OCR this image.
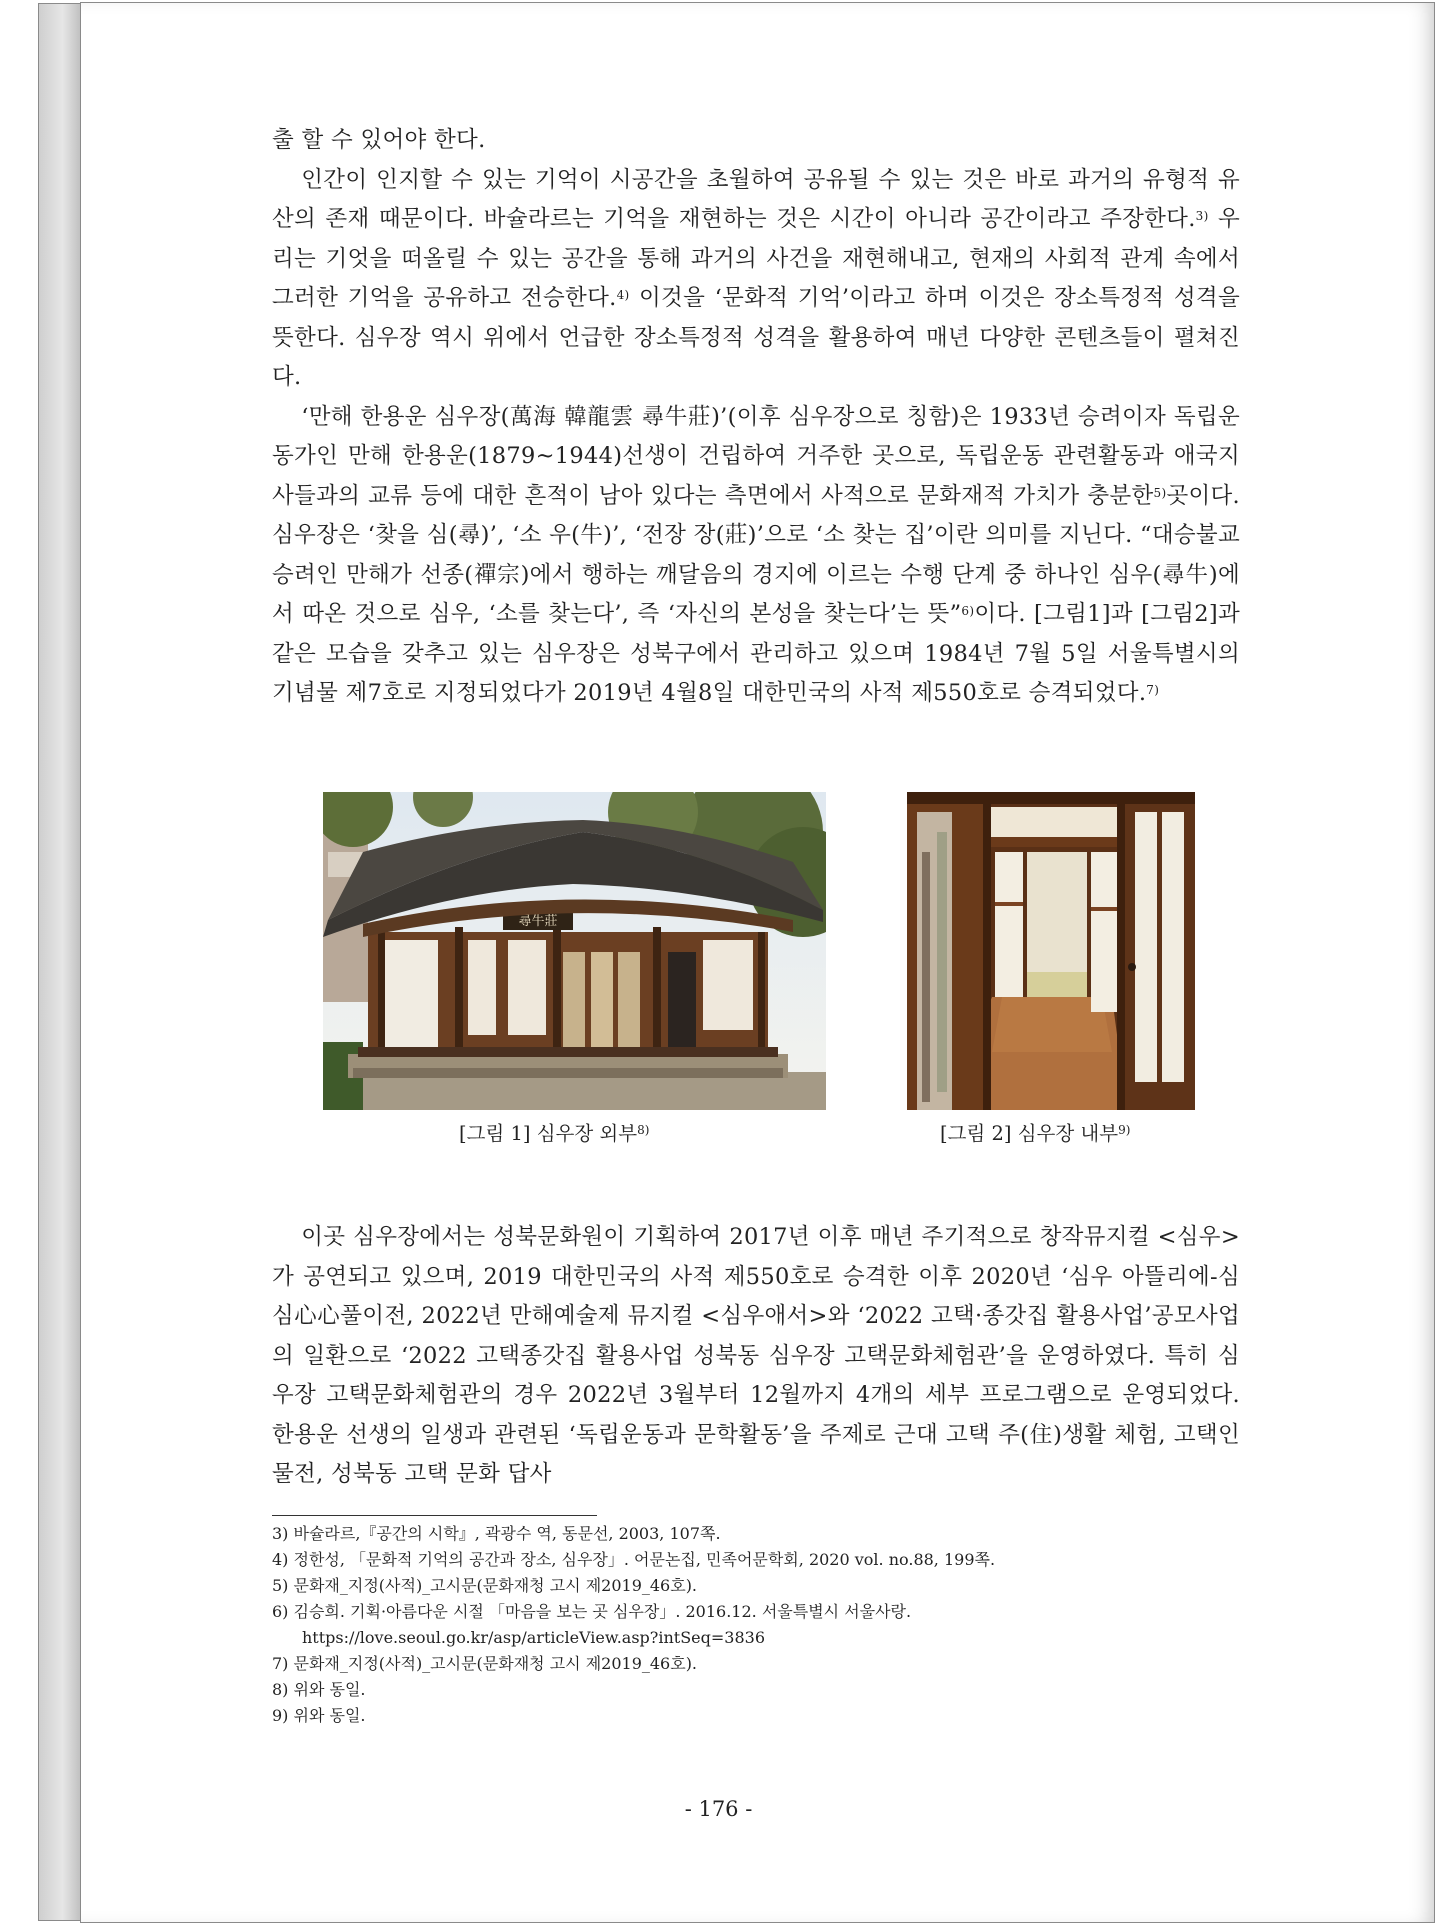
출 할 수 있어야 한다.

인간이 인지할 수 있는 기억이 시공간을 초월하여 공유될 수 있는 것은 바로 과거의 유형적 유산의 존재 때문이다. 바슐라르는 기억을 재현하는 것은 시간이 아니라 공간이라고 주장한다.$^{3)}$ 우리는 기엇을 떠올릴 수 있는 공간을 통해 과거의 사건을 재현해내고, 현재의 사회적 관계 속에서 그러한 기억을 공유하고 전승한다.$^{4)}$ 이것을 ‘문화적 기억’이라고 하며 이것은 장소특정적 성격을 뜻한다. 심우장 역시 위에서 언급한 장소특정적 성격을 활용하여 매년 다양한 콘텐츠들이 펼쳐진다.

‘만해 한용운 심우장(萬海 韓龍雲 尋牛莊)’(이후 심우장으로 칭함)은 1933년 승려이자 독립운동가인 만해 한용운(1879~1944)선생이 건립하여 거주한 곳으로, 독립운동 관련활동과 애국지사들과의 교류 등에 대한 흔적이 남아 있다는 측면에서 사적으로 문화재적 가치가 충분한$^{5)}$곳이다. 심우장은 ‘찾을 심(尋)’, ‘소 우(牛)’, ‘전장 장(莊)’으로 ‘소 찾는 집’이란 의미를 지닌다. “대승불교 승려인 만해가 선종(禪宗)에서 행하는 깨달음의 경지에 이르는 수행 단계 중 하나인 심우(尋牛)에서 따온 것으로 심우, ‘소를 찾는다’, 즉 ‘자신의 본성을 찾는다’는 뜻”$^{6)}$이다. [그림1]과 [그림2]과 같은 모습을 갖추고 있는 심우장은 성북구에서 관리하고 있으며 1984년 7월 5일 서울특별시의 기념물 제7호로 지정되었다가 2019년 4월8일 대한민국의 사적 제550호로 승격되었다.$^{7)}$

尋牛莊
[그림 1] 심우장 외부$^{8)}$	[그림 2] 심우장 내부$^{9)}$

이곳 심우장에서는 성북문화원이 기획하여 2017년 이후 매년 주기적으로 창작뮤지컬 <심우>가 공연되고 있으며, 2019 대한민국의 사적 제550호로 승격한 이후 2020년 ‘심우 아뜰리에-심심心心풀이전, 2022년 만해예술제 뮤지컬 <심우애서>와 ‘2022 고택·종갓집 활용사업’공모사업의 일환으로 ‘2022 고택종갓집 활용사업 성북동 심우장 고택문화체험관’을 운영하였다. 특히 심우장 고택문화체험관의 경우 2022년 3월부터 12월까지 4개의 세부 프로그램으로 운영되었다. 한용운 선생의 일생과 관련된 ‘독립운동과 문학활동’을 주제로 근대 고택 주(住)생활 체험, 고택인물전, 성북동 고택 문화 답사

3) 바슐라르,『공간의 시학』, 곽광수 역, 동문선, 2003, 107쪽.
4) 정한성, 「문화적 기억의 공간과 장소, 심우장」. 어문논집, 민족어문학회, 2020 vol. no.88, 199쪽.
5) 문화재_지정(사적)_고시문(문화재청 고시 제2019_46호).
6) 김승희. 기획·아름다운 시절 「마음을 보는 곳 심우장」. 2016.12. 서울특별시 서울사랑.
https://love.seoul.go.kr/asp/articleView.asp?intSeq=3836
7) 문화재_지정(사적)_고시문(문화재청 고시 제2019_46호).
8) 위와 동일.
9) 위와 동일.
- 176 -
